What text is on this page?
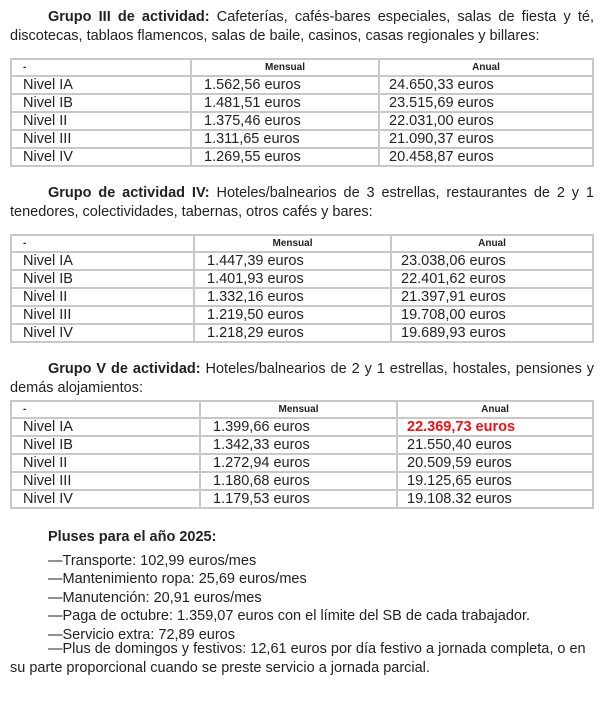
Grupo III de actividad: Cafeterías, cafés-bares especiales, salas de fiesta y té, discotecas, tablaos flamencos, salas de baile, casinos, casas regionales y billares:

-	Mensual	Anual
Nivel IA	1.562,56 euros	24.650,33 euros
Nivel IB	1.481,51 euros	23.515,69 euros
Nivel II	1.375,46 euros	22.031,00 euros
Nivel III	1.311,65 euros	21.090,37 euros
Nivel IV	1.269,55 euros	20.458,87 euros

Grupo de actividad IV: Hoteles/balnearios de 3 estrellas, restaurantes de 2 y 1 tenedores, colectividades, tabernas, otros cafés y bares:

-	Mensual	Anual
Nivel IA	1.447,39 euros	23.038,06 euros
Nivel IB	1.401,93 euros	22.401,62 euros
Nivel II	1.332,16 euros	21.397,91 euros
Nivel III	1.219,50 euros	19.708,00 euros
Nivel IV	1.218,29 euros	19.689,93 euros

Grupo V de actividad: Hoteles/balnearios de 2 y 1 estrellas, hostales, pensiones y demás alojamientos:

-	Mensual	Anual
Nivel IA	1.399,66 euros	22.369,73 euros
Nivel IB	1.342,33 euros	21.550,40 euros
Nivel II	1.272,94 euros	20.509,59 euros
Nivel III	1.180,68 euros	19.125,65 euros
Nivel IV	1.179,53 euros	19.108.32 euros

Pluses para el año 2025:

—Transporte: 102,99 euros/mes

—Mantenimiento ropa: 25,69 euros/mes

—Manutención: 20,91 euros/mes

—Paga de octubre: 1.359,07 euros con el límite del SB de cada trabajador.

—Servicio extra: 72,89 euros

—Plus de domingos y festivos: 12,61 euros por día festivo a jornada completa, o en su parte proporcional cuando se preste servicio a jornada parcial.
